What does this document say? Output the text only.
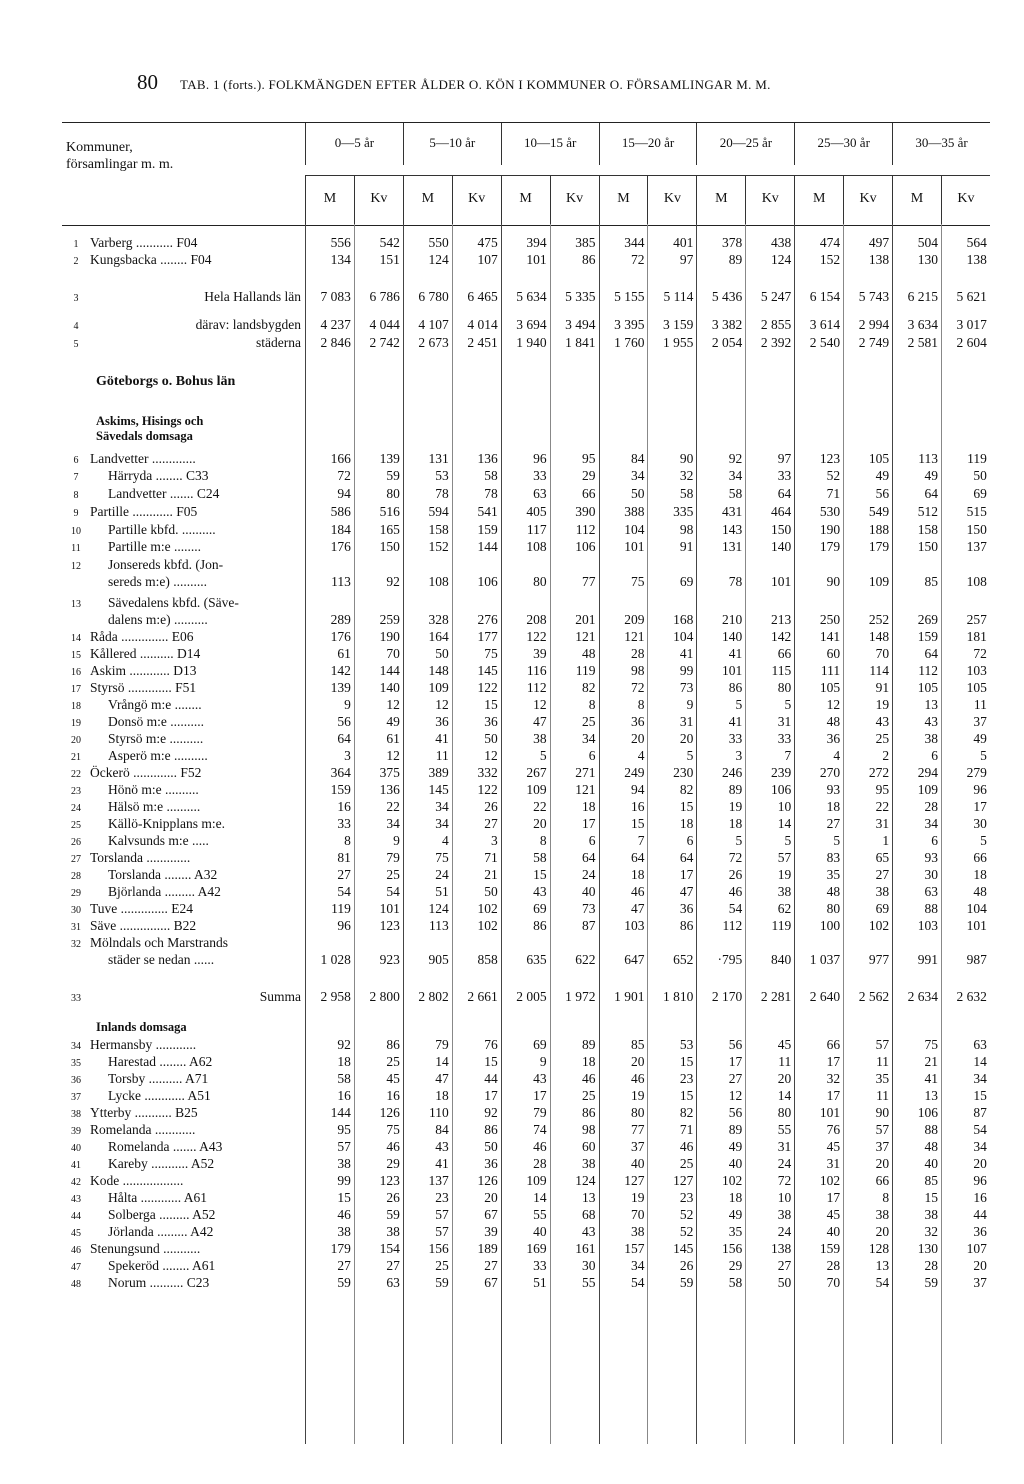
80 TAB. 1 (forts.). FOLKMÄNGDEN EFTER ÅLDER O. KÖN I KOMMUNER O. FÖRSAMLINGAR M. M.
Kommuner,
församlingar m. m.
0—5 år	5—10 år	10—15 år	15—20 år	20—25 år	25—30 år	30—35 år
M	Kv	M	Kv	M	Kv	M	Kv	M	Kv	M	Kv	M	Kv
Göteborgs o. Bohus län
Askims, Hisings och
Sävedals domsaga
Inlands domsaga
1 Varberg ........... F04	556	542	550	475	394	385	344	401	378	438	474	497	504	564
2 Kungsbacka ........ F04	134	151	124	107	101	86	72	97	89	124	152	138	130	138
3	Hela Hallands län	7 083	6 786	6 780	6 465	5 634	5 335	5 155	5 114	5 436	5 247	6 154	5 743	6 215	5 621
4	därav: landsbygden	4 237	4 044	4 107	4 014	3 694	3 494	3 395	3 159	3 382	2 855	3 614	2 994	3 634	3 017
5	städerna	2 846	2 742	2 673	2 451	1 940	1 841	1 760	1 955	2 054	2 392	2 540	2 749	2 581	2 604
6 Landvetter .............	166	139	131	136	96	95	84	90	92	97	123	105	113	119
7	Härryda ........ C33	72	59	53	58	33	29	34	32	34	33	52	49	49	50
8	Landvetter ....... C24	94	80	78	78	63	66	50	58	58	64	71	56	64	69
9 Partille ............ F05	586	516	594	541	405	390	388	335	431	464	530	549	512	515
10	Partille kbfd. ..........	184	165	158	159	117	112	104	98	143	150	190	188	158	150
11	Partille m:e ........	176	150	152	144	108	106	101	91	131	140	179	179	150	137
12	Jonsereds kbfd. (Jon-
sereds m:e) ..........	113	92	108	106	80	77	75	69	78	101	90	109	85	108
13	Sävedalens kbfd. (Säve-
dalens m:e) ..........	289	259	328	276	208	201	209	168	210	213	250	252	269	257
14 Råda .............. E06	176	190	164	177	122	121	121	104	140	142	141	148	159	181
15 Kållered .......... D14	61	70	50	75	39	48	28	41	41	66	60	70	64	72
16 Askim ............ D13	142	144	148	145	116	119	98	99	101	115	111	114	112	103
17 Styrsö ............. F51	139	140	109	122	112	82	72	73	86	80	105	91	105	105
18	Vrångö m:e ........	9	12	12	15	12	8	8	9	5	5	12	19	13	11
19	Donsö m:e ..........	56	49	36	36	47	25	36	31	41	31	48	43	43	37
20	Styrsö m:e ..........	64	61	41	50	38	34	20	20	33	33	36	25	38	49
21	Asperö m:e ..........	3	12	11	12	5	6	4	5	3	7	4	2	6	5
22 Öckerö ............. F52	364	375	389	332	267	271	249	230	246	239	270	272	294	279
23	Hönö m:e ..........	159	136	145	122	109	121	94	82	89	106	93	95	109	96
24	Hälsö m:e ..........	16	22	34	26	22	18	16	15	19	10	18	22	28	17
25	Källö-Knipplans m:e.	33	34	34	27	20	17	15	18	18	14	27	31	34	30
26	Kalvsunds m:e .....	8	9	4	3	8	6	7	6	5	5	5	1	6	5
27 Torslanda .............	81	79	75	71	58	64	64	64	72	57	83	65	93	66
28	Torslanda ........ A32	27	25	24	21	15	24	18	17	26	19	35	27	30	18
29	Björlanda ......... A42	54	54	51	50	43	40	46	47	46	38	48	38	63	48
30 Tuve .............. E24	119	101	124	102	69	73	47	36	54	62	80	69	88	104
31 Säve ............... B22	96	123	113	102	86	87	103	86	112	119	100	102	103	101
32 Mölndals och Marstrands
städer se nedan ......	1 028	923	905	858	635	622	647	652	·795	840	1 037	977	991	987
33	Summa	2 958	2 800	2 802	2 661	2 005	1 972	1 901	1 810	2 170	2 281	2 640	2 562	2 634	2 632
34 Hermansby ............	92	86	79	76	69	89	85	53	56	45	66	57	75	63
35	Harestad ........ A62	18	25	14	15	9	18	20	15	17	11	17	11	21	14
36	Torsby .......... A71	58	45	47	44	43	46	46	23	27	20	32	35	41	34
37	Lycke ............ A51	16	16	18	17	17	25	19	15	12	14	17	11	13	15
38 Ytterby ........... B25	144	126	110	92	79	86	80	82	56	80	101	90	106	87
39 Romelanda ............	95	75	84	86	74	98	77	71	89	55	76	57	88	54
40	Romelanda ....... A43	57	46	43	50	46	60	37	46	49	31	45	37	48	34
41	Kareby ........... A52	38	29	41	36	28	38	40	25	40	24	31	20	40	20
42 Kode ..................	99	123	137	126	109	124	127	127	102	72	102	66	85	96
43	Hålta ............ A61	15	26	23	20	14	13	19	23	18	10	17	8	15	16
44	Solberga ......... A52	46	59	57	67	55	68	70	52	49	38	45	38	38	44
45	Jörlanda ......... A42	38	38	57	39	40	43	38	52	35	24	40	20	32	36
46 Stenungsund ...........	179	154	156	189	169	161	157	145	156	138	159	128	130	107
47	Spekeröd ........ A61	27	27	25	27	33	30	34	26	29	27	28	13	28	20
48	Norum .......... C23	59	63	59	67	51	55	54	59	58	50	70	54	59	37
